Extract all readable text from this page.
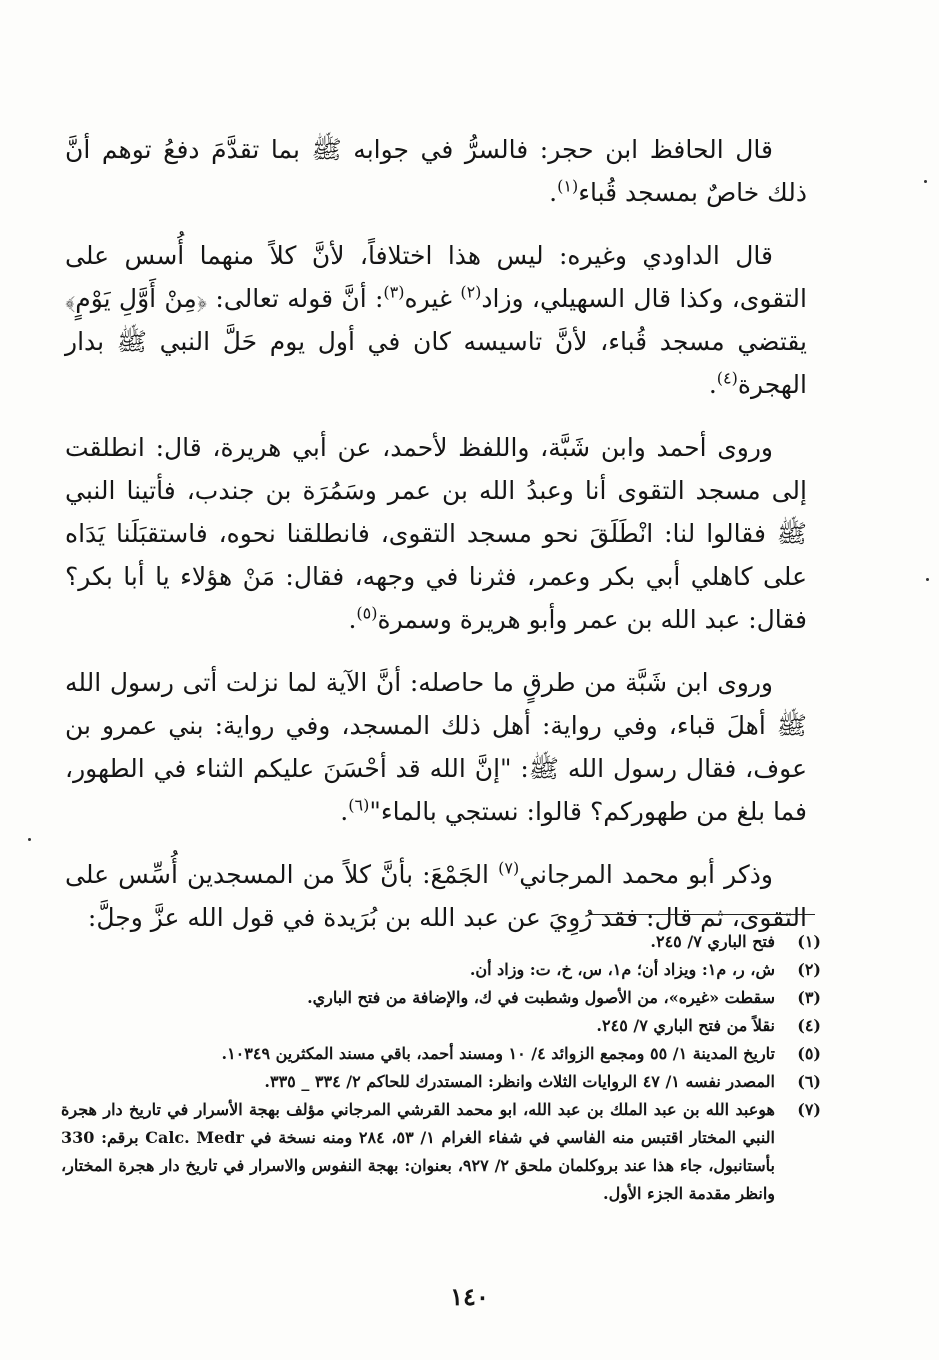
قال الحافظ ابن حجر: فالسرُّ في جوابه ﷺ بما تقدَّمَ دفعُ توهم أنَّ ذلك خاصٌ بمسجد قُباء$^{(١)}$.

قال الداودي وغيره: ليس هذا اختلافاً، لأنَّ كلاً منهما أُسس على التقوى، وكذا قال السهيلي، وزاد$^{(٢)}$ غيره$^{(٣)}$: أنَّ قوله تعالى: ﴿مِنْ أَوَّلِ يَوْمٍ﴾ يقتضي مسجد قُباء، لأنَّ تاسيسه كان في أول يوم حَلَّ النبي ﷺ بدار الهجرة$^{(٤)}$.

وروى أحمد وابن شَبَّة، واللفظ لأحمد، عن أبي هريرة، قال: انطلقت إلى مسجد التقوى أنا وعبدُ الله بن عمر وسَمُرَة بن جندب، فأتينا النبي ﷺ فقالوا لنا: انْطَلَقَ نحو مسجد التقوى، فانطلقنا نحوه، فاستقبَلَنا يَدَاه على كاهلي أبي بكر وعمر، فثرنا في وجهه، فقال: مَنْ هؤلاء يا أبا بكر؟ فقال: عبد الله بن عمر وأبو هريرة وسمرة$^{(٥)}$.

وروى ابن شَبَّة من طرقٍ ما حاصله: أنَّ الآية لما نزلت أتى رسول الله ﷺ أهلَ قباء، وفي رواية: أهل ذلك المسجد، وفي رواية: بني عمرو بن عوف، فقال رسول الله ﷺ: "إنَّ الله قد أحْسَنَ عليكم الثناء في الطهور، فما بلغ من طهوركم؟ قالوا: نستجي بالماء"$^{(٦)}$.

وذكر أبو محمد المرجاني$^{(٧)}$ الجَمْعَ: بأنَّ كلاً من المسجدين أُسِّس على التقوى، ثم قال: فقد رُوِيَ عن عبد الله بن بُرَيدة في قول الله عزَّ وجلَّ:

(١)
فتح الباري ٧/ ٢٤٥.
(٢)
ش، ر، م١: ويزاد أن؛ م١، س، خ، ت: وزاد أن.
(٣)
سقطت «غيره»، من الأصول وشطبت في ك، والإضافة من فتح الباري.
(٤)
نقلاً من فتح الباري ٧/ ٢٤٥.
(٥)
تاريخ المدينة ١/ ٥٥ ومجمع الزوائد ٤/ ١٠ ومسند أحمد، باقي مسند المكثرين ١٠٣٤٩.
(٦)
المصدر نفسه ١/ ٤٧ الروايات الثلاث وانظر: المستدرك للحاكم ٢/ ٣٣٤ _ ٣٣٥.
(٧)
هوعبد الله بن عبد الملك بن عبد الله، ابو محمد القرشي المرجاني مؤلف بهجة الأسرار في تاريخ دار هجرة النبي المختار اقتبس منه الفاسي في شفاء الغرام ١/ ٥٣، ٢٨٤ ومنه نسخة في Calc. Medr برقم: 330 بأستانبول، جاء هذا عند بروكلمان ملحق ٢/ ٩٢٧، بعنوان: بهجة النفوس والاسرار في تاريخ دار هجرة المختار، وانظر مقدمة الجزء الأول.
١٤٠
